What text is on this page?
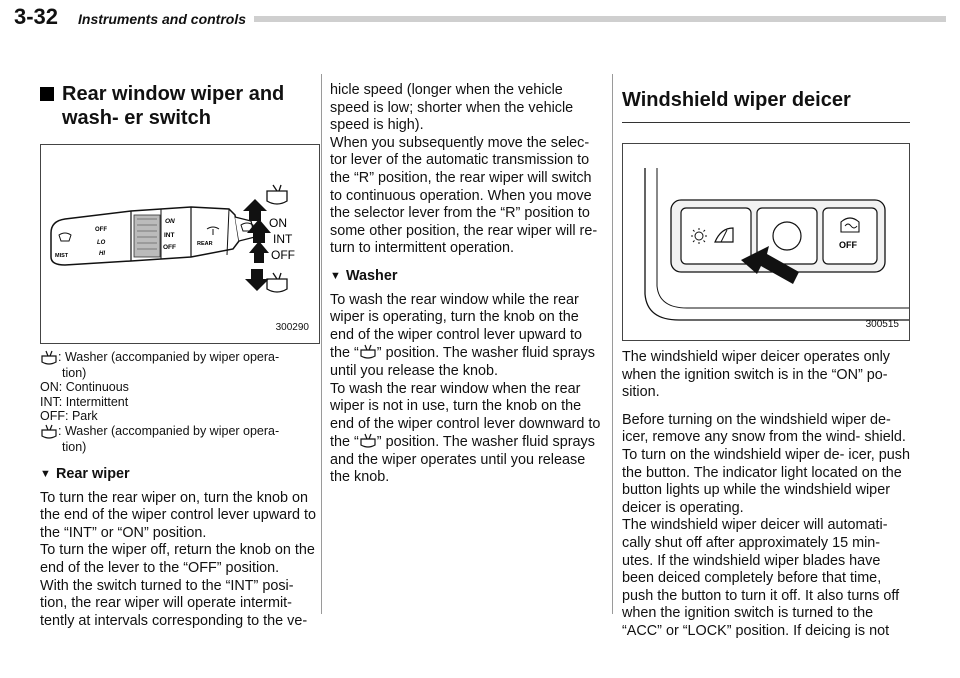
3-32 Instruments and controls
Rear window wiper and wash- er switch
OFF
LO
HI
MIST
ON
INT
OFF	REAR
ON
INT
OFF
300290
: Washer (accompanied by wiper opera-
tion)
ON: Continuous
INT: Intermittent
OFF: Park
: Washer (accompanied by wiper opera-
tion)
▼ Rear wiper

To turn the rear wiper on, turn the knob on the end of the wiper control lever upward to the “INT” or “ON” position.

To turn the wiper off, return the knob on the end of the lever to the “OFF” position.

With the switch turned to the “INT” posi- tion, the rear wiper will operate intermit- tently at intervals corresponding to the ve-

hicle speed (longer when the vehicle speed is low; shorter when the vehicle speed is high).

When you subsequently move the selec- tor lever of the automatic transmission to the “R” position, the rear wiper will switch to continuous operation. When you move the selector lever from the “R” position to some other position, the rear wiper will re- turn to intermittent operation.

▼ Washer

To wash the rear window while the rear wiper is operating, turn the knob on the end of the wiper control lever upward to the “ ” position. The washer fluid sprays until you release the knob.

To wash the rear window when the rear wiper is not in use, turn the knob on the end of the wiper control lever downward to the “ ” position. The washer fluid sprays and the wiper operates until you release the knob.

Windshield wiper deicer
OFF
300515

The windshield wiper deicer operates only when the ignition switch is in the “ON” po- sition.

Before turning on the windshield wiper de- icer, remove any snow from the wind- shield. To turn on the windshield wiper de- icer, push the button. The indicator light located on the button lights up while the windshield wiper deicer is operating.

The windshield wiper deicer will automati- cally shut off after approximately 15 min- utes. If the windshield wiper blades have been deiced completely before that time, push the button to turn it off. It also turns off when the ignition switch is turned to the “ACC” or “LOCK” position. If deicing is not
